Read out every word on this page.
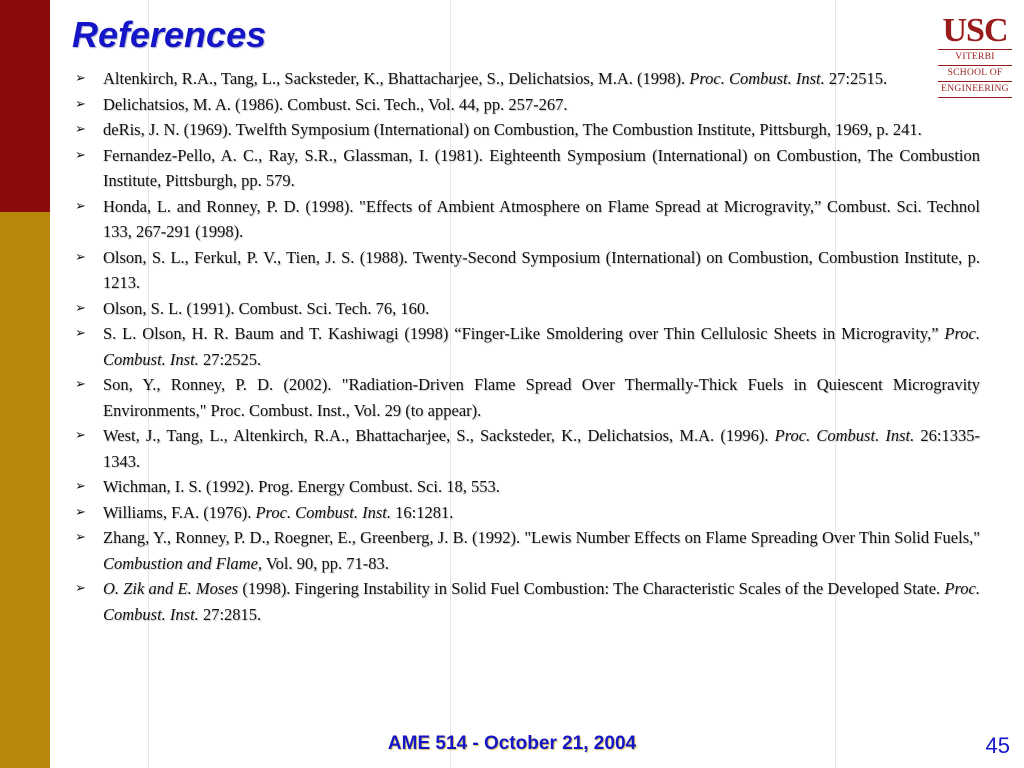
References	USC
VITERBI
SCHOOL OF
ENGINEERING
➢ Altenkirch, R.A., Tang, L., Sacksteder, K., Bhattacharjee, S., Delichatsios, M.A. (1998). Proc. Combust. Inst. 27:2515.
➢ Delichatsios, M. A. (1986). Combust. Sci. Tech., Vol. 44, pp. 257-267.
➢ deRis, J. N. (1969). Twelfth Symposium (International) on Combustion, The Combustion Institute, Pittsburgh, 1969, p. 241.
➢ Fernandez-Pello, A. C., Ray, S.R., Glassman, I. (1981). Eighteenth Symposium (International) on Combustion, The Combustion Institute, Pittsburgh, pp. 579.
➢ Honda, L. and Ronney, P. D. (1998). "Effects of Ambient Atmosphere on Flame Spread at Microgravity,” Combust. Sci. Technol 133, 267-291 (1998).
➢ Olson, S. L., Ferkul, P. V., Tien, J. S. (1988). Twenty-Second Symposium (International) on Combustion, Combustion Institute, p. 1213.
➢ Olson, S. L. (1991). Combust. Sci. Tech. 76, 160.
➢ S. L. Olson, H. R. Baum and T. Kashiwagi (1998) “Finger-Like Smoldering over Thin Cellulosic Sheets in Microgravity,” Proc. Combust. Inst. 27:2525.
➢ Son, Y., Ronney, P. D. (2002). "Radiation-Driven Flame Spread Over Thermally-Thick Fuels in Quiescent Microgravity Environments," Proc. Combust. Inst., Vol. 29 (to appear).
➢ West, J., Tang, L., Altenkirch, R.A., Bhattacharjee, S., Sacksteder, K., Delichatsios, M.A. (1996). Proc. Combust. Inst. 26:1335-1343.
➢ Wichman, I. S. (1992). Prog. Energy Combust. Sci. 18, 553.
➢ Williams, F.A. (1976). Proc. Combust. Inst. 16:1281.
➢ Zhang, Y., Ronney, P. D., Roegner, E., Greenberg, J. B. (1992). "Lewis Number Effects on Flame Spreading Over Thin Solid Fuels," Combustion and Flame, Vol. 90, pp. 71-83.
➢ O. Zik and E. Moses (1998). Fingering Instability in Solid Fuel Combustion: The Characteristic Scales of the Developed State. Proc. Combust. Inst. 27:2815.
AME 514 - October 21, 2004	45
